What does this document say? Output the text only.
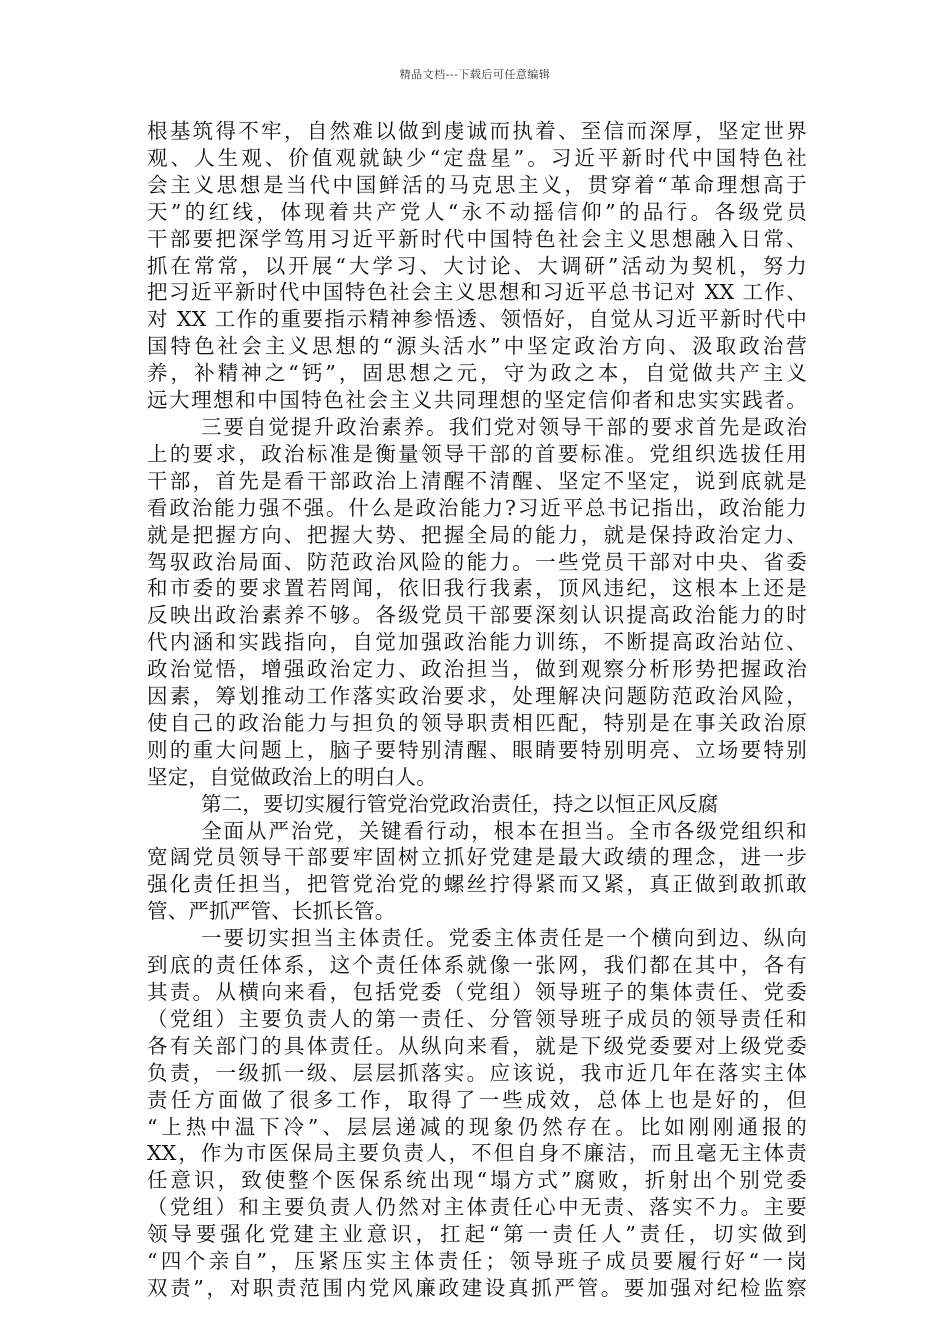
精品文档---下载后可任意编辑
根基筑得不牢，自然难以做到虔诚而执着、至信而深厚，坚定世界
观、人生观、价值观就缺少“定盘星”。习近平新时代中国特色社
会主义思想是当代中国鲜活的马克思主义，贯穿着“革命理想高于
天”的红线，体现着共产党人“永不动摇信仰”的品行。各级党员
干部要把深学笃用习近平新时代中国特色社会主义思想融入日常、
抓在常常，以开展“大学习、大讨论、大调研”活动为契机，努力
把习近平新时代中国特色社会主义思想和习近平总书记对 XX 工作、
对 XX 工作的重要指示精神参悟透、领悟好，自觉从习近平新时代中
国特色社会主义思想的“源头活水”中坚定政治方向、汲取政治营
养，补精神之“钙”，固思想之元，守为政之本，自觉做共产主义
远大理想和中国特色社会主义共同理想的坚定信仰者和忠实实践者。
三要自觉提升政治素养。我们党对领导干部的要求首先是政治
上的要求，政治标准是衡量领导干部的首要标准。党组织选拔任用
干部，首先是看干部政治上清醒不清醒、坚定不坚定，说到底就是
看政治能力强不强。什么是政治能力?习近平总书记指出，政治能力
就是把握方向、把握大势、把握全局的能力，就是保持政治定力、
驾驭政治局面、防范政治风险的能力。一些党员干部对中央、省委
和市委的要求置若罔闻，依旧我行我素，顶风违纪，这根本上还是
反映出政治素养不够。各级党员干部要深刻认识提高政治能力的时
代内涵和实践指向，自觉加强政治能力训练，不断提高政治站位、
政治觉悟，增强政治定力、政治担当，做到观察分析形势把握政治
因素，筹划推动工作落实政治要求，处理解决问题防范政治风险，
使自己的政治能力与担负的领导职责相匹配，特别是在事关政治原
则的重大问题上，脑子要特别清醒、眼睛要特别明亮、立场要特别
坚定，自觉做政治上的明白人。
第二，要切实履行管党治党政治责任，持之以恒正风反腐
全面从严治党，关键看行动，根本在担当。全市各级党组织和
宽阔党员领导干部要牢固树立抓好党建是最大政绩的理念，进一步
强化责任担当，把管党治党的螺丝拧得紧而又紧，真正做到敢抓敢
管、严抓严管、长抓长管。
一要切实担当主体责任。党委主体责任是一个横向到边、纵向
到底的责任体系，这个责任体系就像一张网，我们都在其中，各有
其责。从横向来看，包括党委（党组）领导班子的集体责任、党委
（党组）主要负责人的第一责任、分管领导班子成员的领导责任和
各有关部门的具体责任。从纵向来看，就是下级党委要对上级党委
负责，一级抓一级、层层抓落实。应该说，我市近几年在落实主体
责任方面做了很多工作，取得了一些成效，总体上也是好的，但
“上热中温下冷”、层层递减的现象仍然存在。比如刚刚通报的
XX，作为市医保局主要负责人，不但自身不廉洁，而且毫无主体责
任意识，致使整个医保系统出现“塌方式”腐败，折射出个别党委
（党组）和主要负责人仍然对主体责任心中无责、落实不力。主要
领导要强化党建主业意识，扛起“第一责任人”责任，切实做到
“四个亲自”，压紧压实主体责任；领导班子成员要履行好“一岗
双责”，对职责范围内党风廉政建设真抓严管。要加强对纪检监察
